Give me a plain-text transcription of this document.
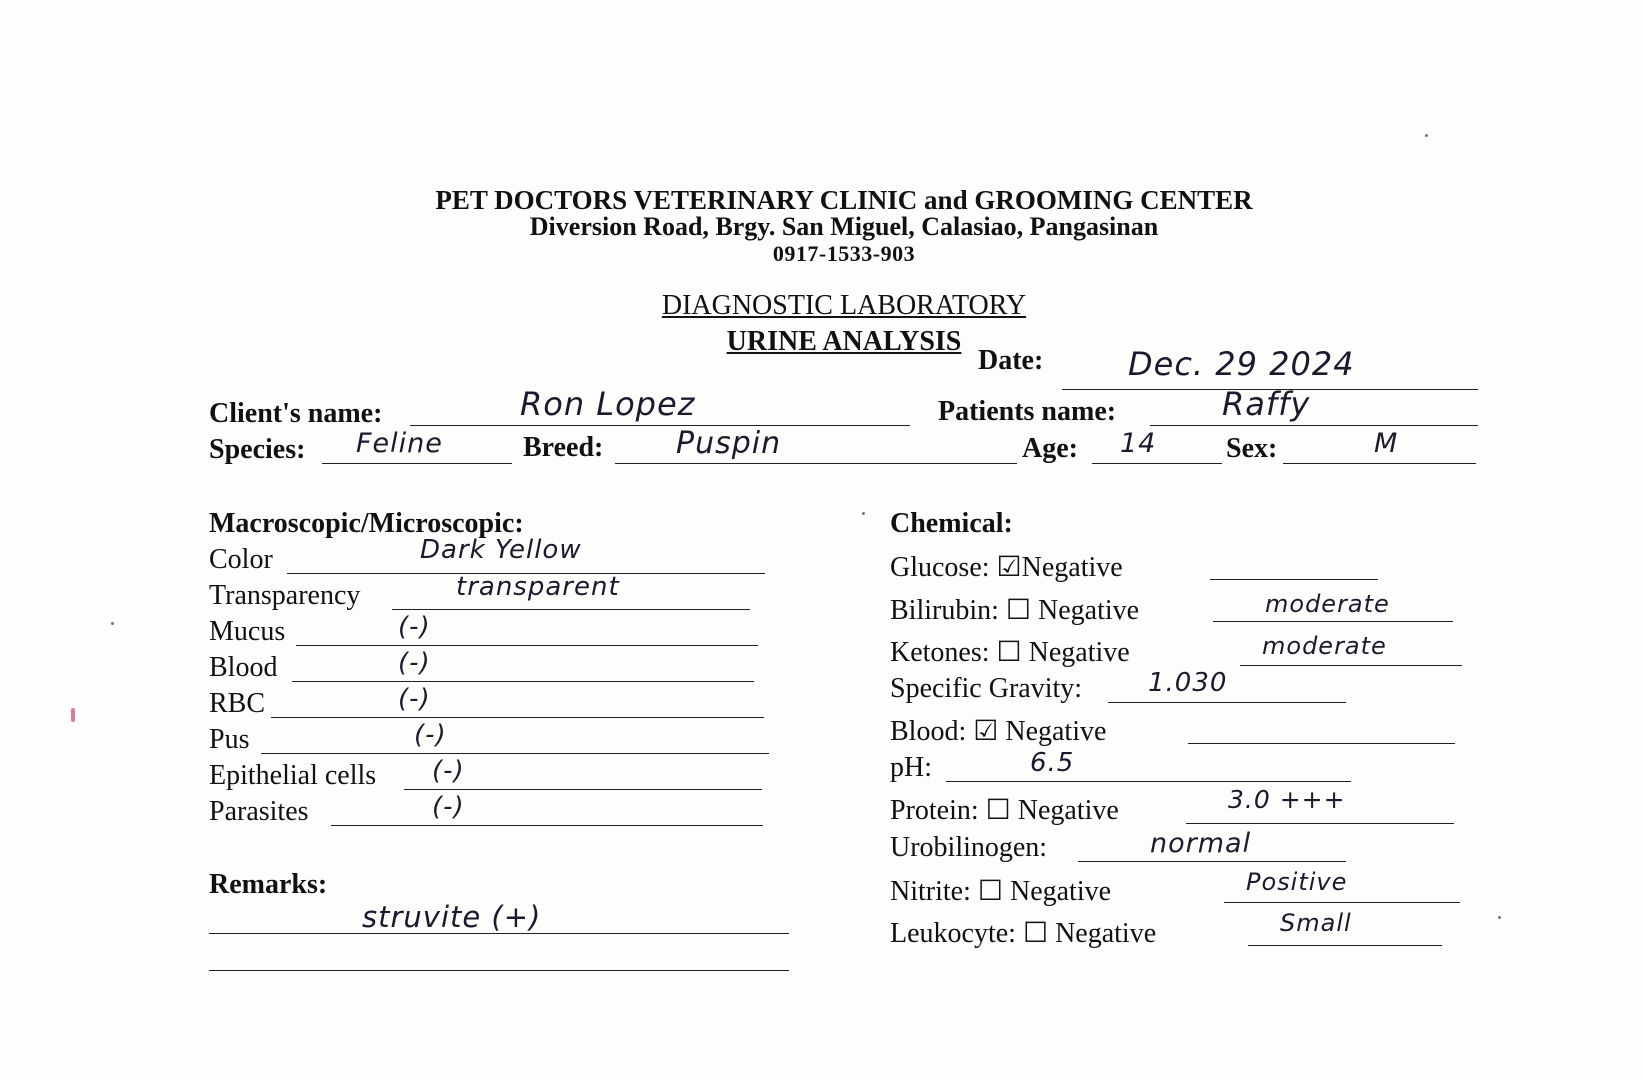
PET DOCTORS VETERINARY CLINIC and GROOMING CENTER
Diversion Road, Brgy. San Miguel, Calasiao, Pangasinan
0917-1533-903
DIAGNOSTIC LABORATORY
URINE ANALYSIS
Date:	Dec. 29 2024
Client's name:	Ron Lopez	Patients name:	Raffy
Species: Feline	Breed: Puspin	Age: 14 Sex:	M
Macroscopic/Microscopic:
Color	Dark Yellow
Transparency	transparent
Mucus	(-)
Blood	(-)
RBC	(-)
Pus	(-)
Epithelial cells (-)
Parasites	(-)
Remarks:
struvite (+)
Chemical:
Glucose: ☑Negative
Bilirubin: ☐ Negative	moderate
Ketones: ☐ Negative	moderate
Specific Gravity:	1.030
Blood: ☑ Negative
pH:	6.5
Protein: ☐ Negative	3.0 +++
Urobilinogen:	normal
Nitrite: ☐ Negative	Positive
Leukocyte: ☐ Negative	Small
